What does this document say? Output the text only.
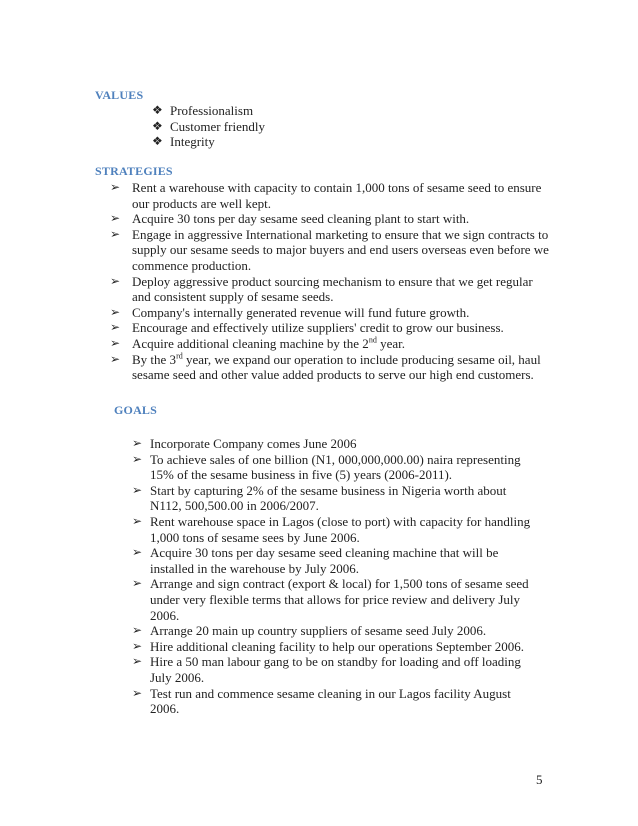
VALUES
❖ Professionalism
❖ Customer friendly
❖ Integrity
STRATEGIES
➢ Rent a warehouse with capacity to contain 1,000 tons of sesame seed to ensure our products are well kept.
➢ Acquire 30 tons per day sesame seed cleaning plant to start with.
➢ Engage in aggressive International marketing to ensure that we sign contracts to supply our sesame seeds to major buyers and end users overseas even before we commence production.
➢ Deploy aggressive product sourcing mechanism to ensure that we get regular and consistent supply of sesame seeds.
➢ Company's internally generated revenue will fund future growth.
➢ Encourage and effectively utilize suppliers' credit to grow our business.
➢ Acquire additional cleaning machine by the 2nd year.
➢ By the 3rd year, we expand our operation to include producing sesame oil, haul sesame seed and other value added products to serve our high end customers.
GOALS
➢ Incorporate Company comes June 2006
➢ To achieve sales of one billion (N1, 000,000,000.00) naira representing 15% of the sesame business in five (5) years (2006-2011).
➢ Start by capturing 2% of the sesame business in Nigeria worth about N112, 500,500.00 in 2006/2007.
➢ Rent warehouse space in Lagos (close to port) with capacity for handling 1,000 tons of sesame sees by June 2006.
➢ Acquire 30 tons per day sesame seed cleaning machine that will be installed in the warehouse by July 2006.
➢ Arrange and sign contract (export & local) for 1,500 tons of sesame seed under very flexible terms that allows for price review and delivery July 2006.
➢ Arrange 20 main up country suppliers of sesame seed July 2006.
➢ Hire additional cleaning facility to help our operations September 2006.
➢ Hire a 50 man labour gang to be on standby for loading and off loading July 2006.
➢ Test run and commence sesame cleaning in our Lagos facility August 2006.
5
